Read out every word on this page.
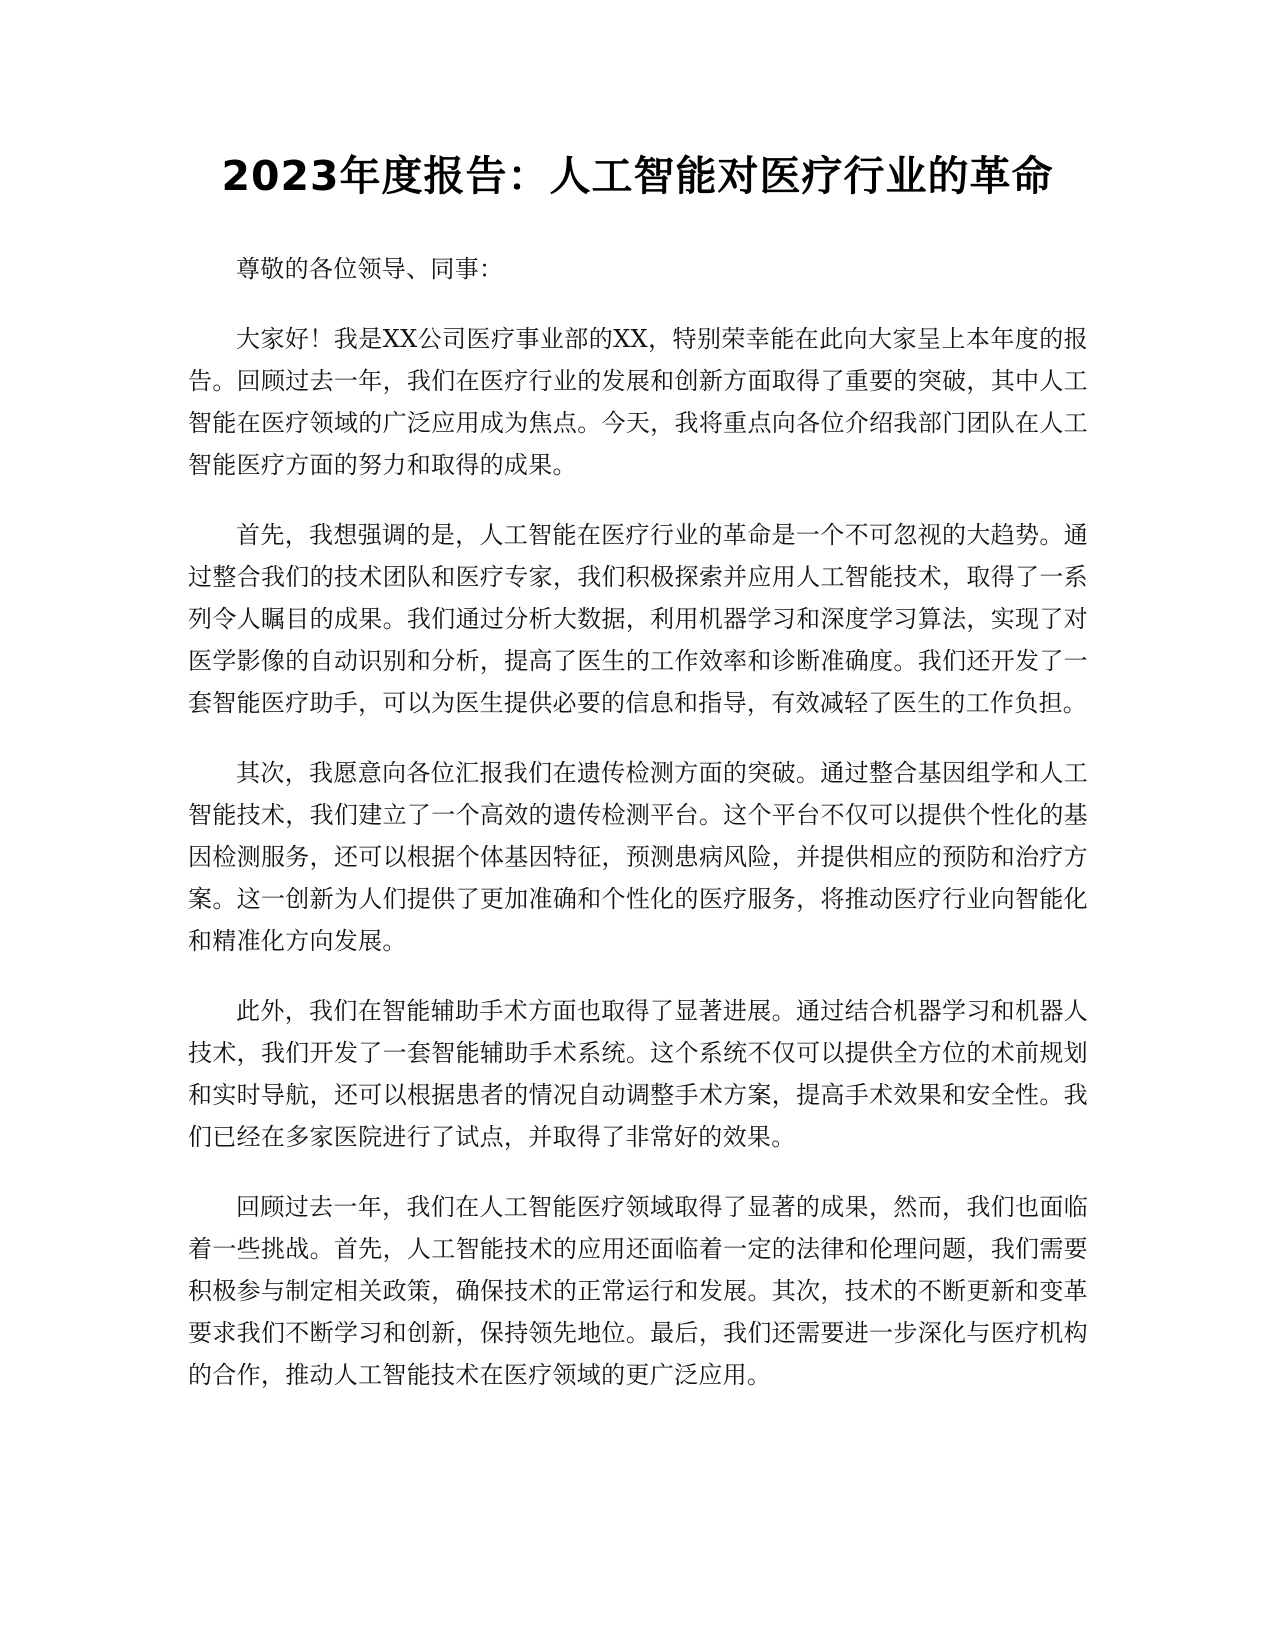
2023年度报告：人工智能对医疗行业的革命

尊敬的各位领导、同事：

大家好！我是XX公司医疗事业部的XX，特别荣幸能在此向大家呈上本年度的报告。回顾过去一年，我们在医疗行业的发展和创新方面取得了重要的突破，其中人工智能在医疗领域的广泛应用成为焦点。今天，我将重点向各位介绍我部门团队在人工智能医疗方面的努力和取得的成果。

首先，我想强调的是，人工智能在医疗行业的革命是一个不可忽视的大趋势。通过整合我们的技术团队和医疗专家，我们积极探索并应用人工智能技术，取得了一系列令人瞩目的成果。我们通过分析大数据，利用机器学习和深度学习算法，实现了对医学影像的自动识别和分析，提高了医生的工作效率和诊断准确度。我们还开发了一套智能医疗助手，可以为医生提供必要的信息和指导，有效减轻了医生的工作负担。

其次，我愿意向各位汇报我们在遗传检测方面的突破。通过整合基因组学和人工智能技术，我们建立了一个高效的遗传检测平台。这个平台不仅可以提供个性化的基因检测服务，还可以根据个体基因特征，预测患病风险，并提供相应的预防和治疗方案。这一创新为人们提供了更加准确和个性化的医疗服务，将推动医疗行业向智能化和精准化方向发展。

此外，我们在智能辅助手术方面也取得了显著进展。通过结合机器学习和机器人技术，我们开发了一套智能辅助手术系统。这个系统不仅可以提供全方位的术前规划和实时导航，还可以根据患者的情况自动调整手术方案，提高手术效果和安全性。我们已经在多家医院进行了试点，并取得了非常好的效果。

回顾过去一年，我们在人工智能医疗领域取得了显著的成果，然而，我们也面临着一些挑战。首先，人工智能技术的应用还面临着一定的法律和伦理问题，我们需要积极参与制定相关政策，确保技术的正常运行和发展。其次，技术的不断更新和变革要求我们不断学习和创新，保持领先地位。最后，我们还需要进一步深化与医疗机构的合作，推动人工智能技术在医疗领域的更广泛应用。
